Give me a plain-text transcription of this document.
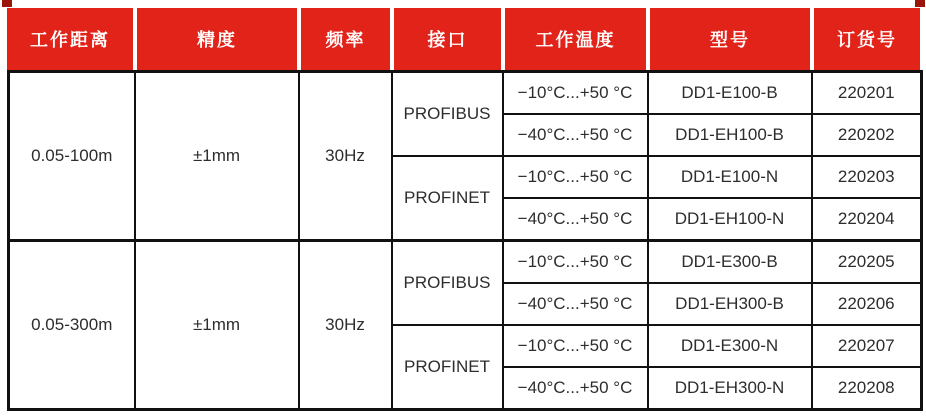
工作距离	精度	频率	接口	工作温度	型号	订货号
0.05-100m	±1mm	30Hz	PROFIBUS	−10°C...+50 °C	DD1-E100-B	220201
				−40°C...+50 °C	DD1-EH100-B	220202
			PROFINET	−10°C...+50 °C	DD1-E100-N	220203
				−40°C...+50 °C	DD1-EH100-N	220204
0.05-300m	±1mm	30Hz	PROFIBUS	−10°C...+50 °C	DD1-E300-B	220205
				−40°C...+50 °C	DD1-EH300-B	220206
			PROFINET	−10°C...+50 °C	DD1-E300-N	220207
				−40°C...+50 °C	DD1-EH300-N	220208
